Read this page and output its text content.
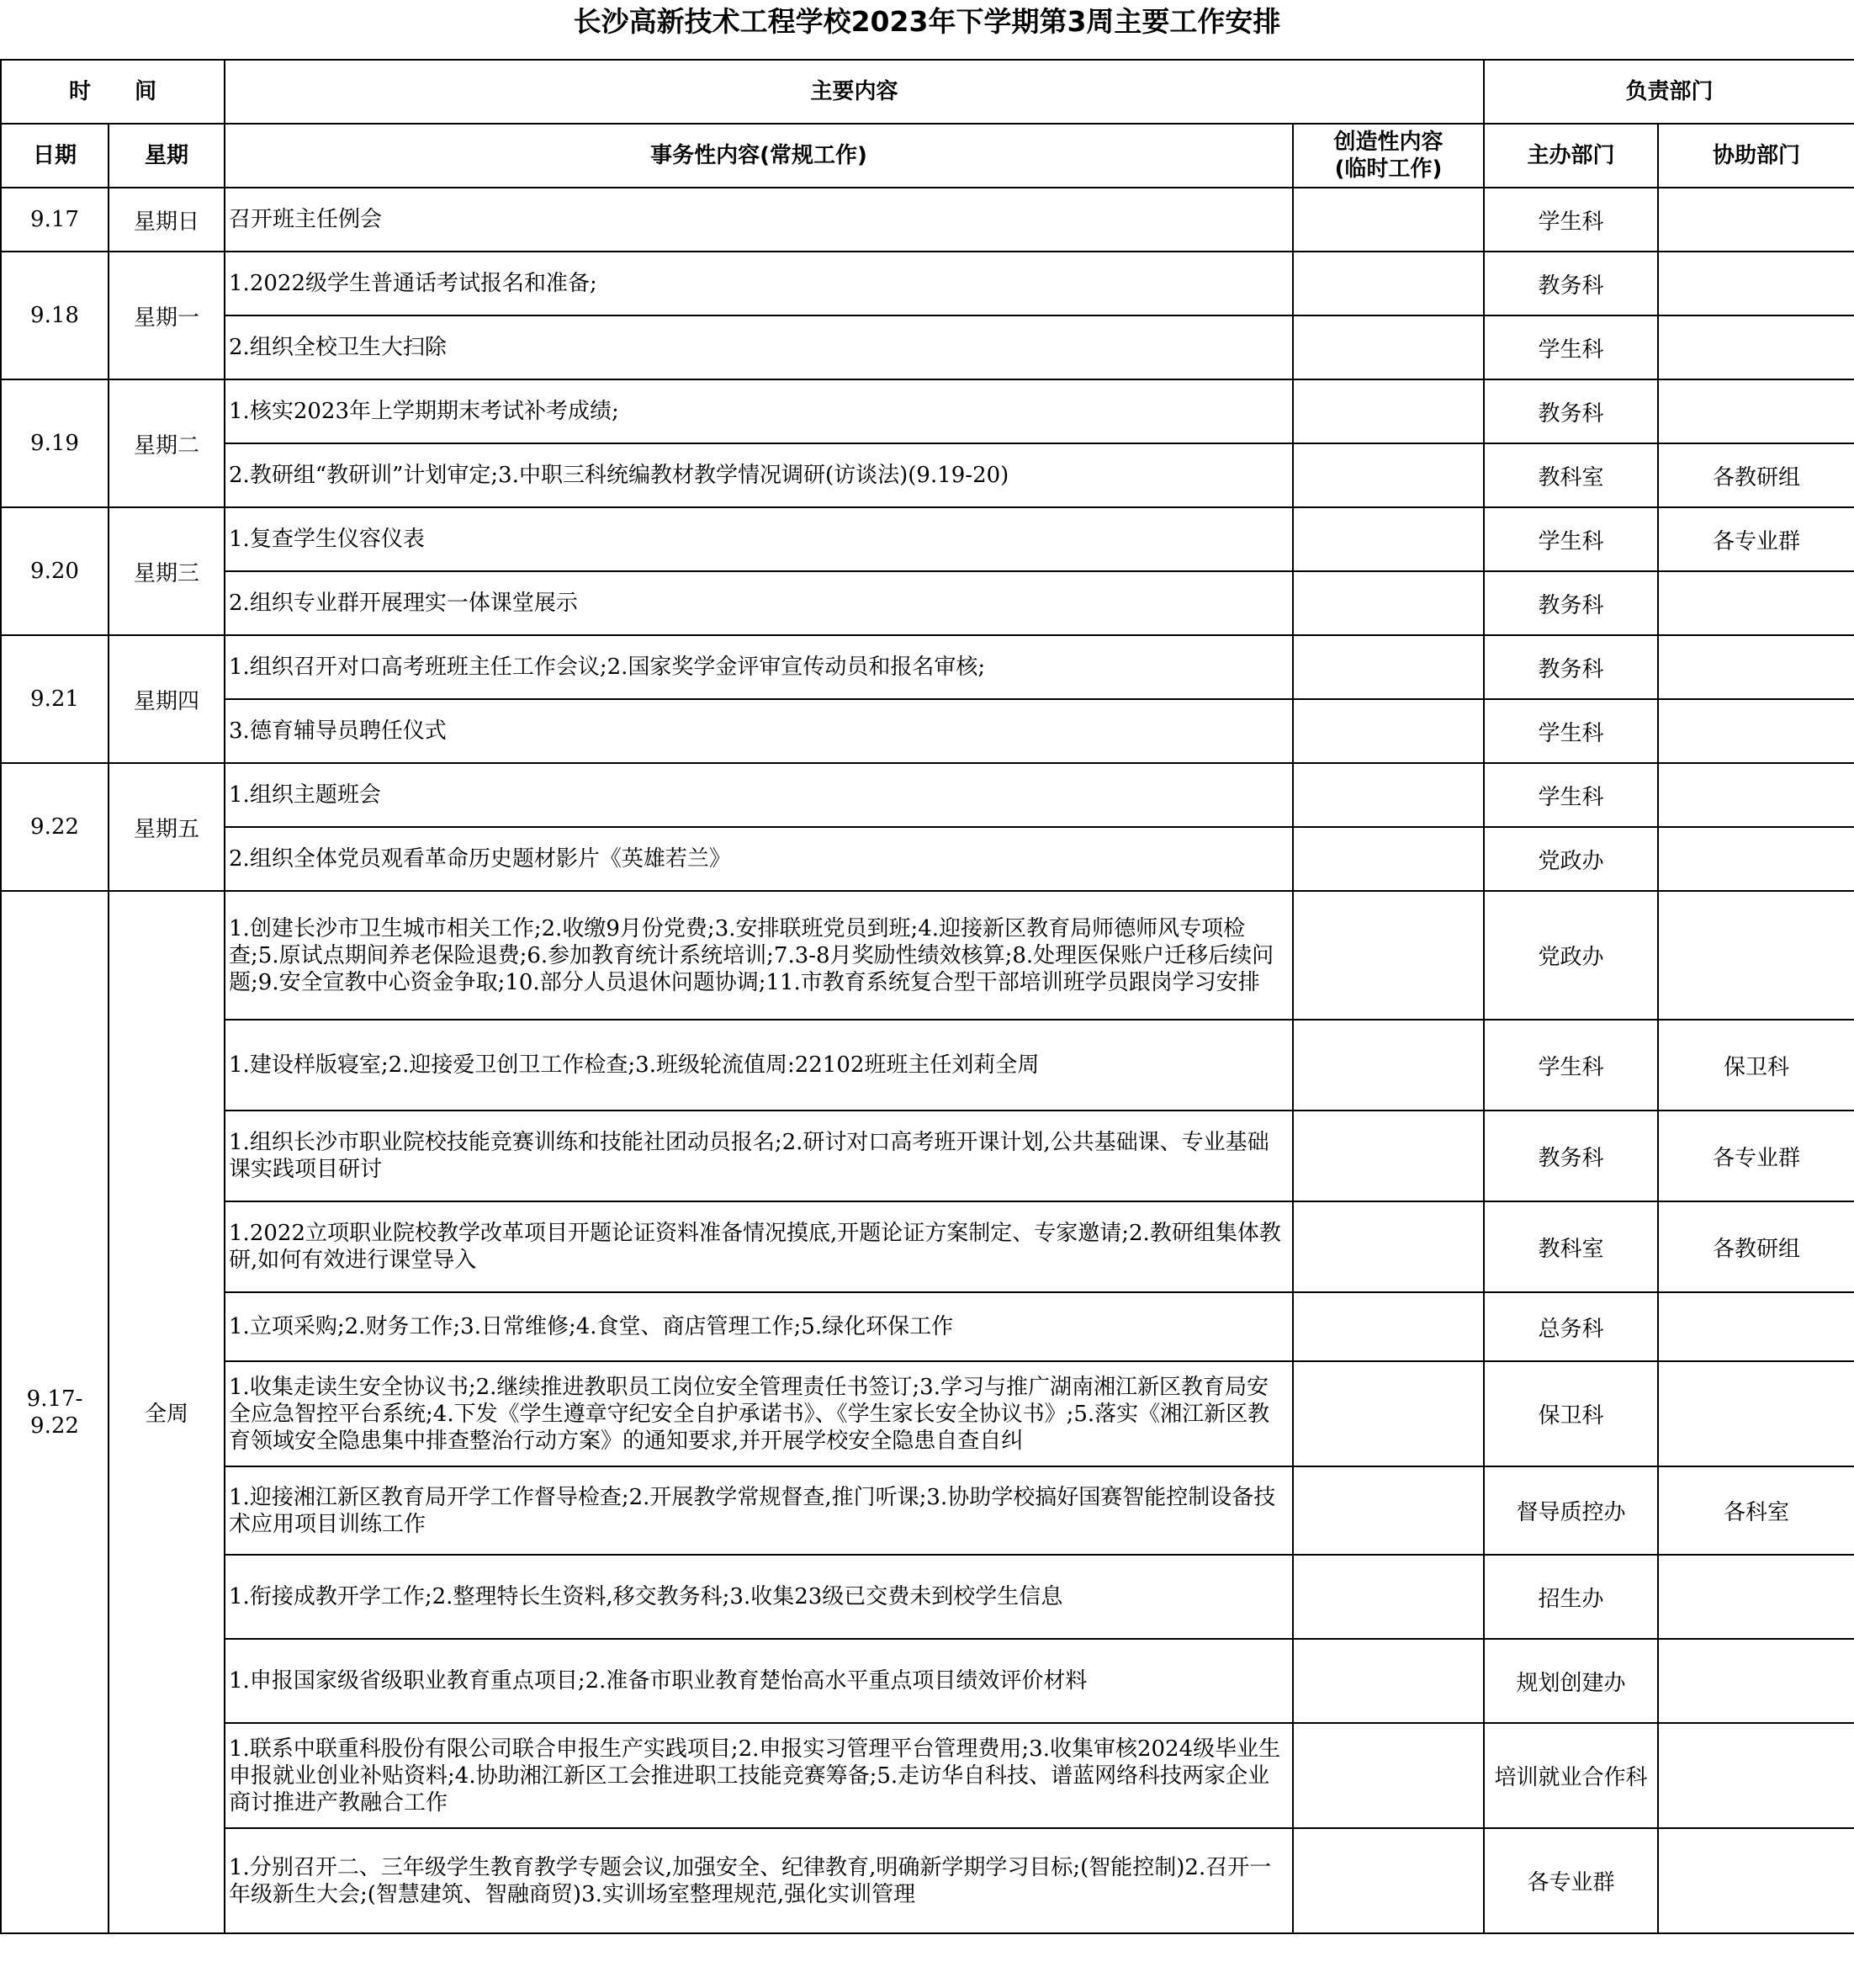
长沙高新技术工程学校2023年下学期第3周主要工作安排
时　　间		主要内容		负责部门	
日期	星期	事务性内容(常规工作)	创造性内容
(临时工作)	主办部门	协助部门
9.17	星期日	召开班主任例会		学生科	
9.18	星期一	1.2022级学生普通话考试报名和准备;		教务科	
		2.组织全校卫生大扫除		学生科	
9.19	星期二	1.核实2023年上学期期末考试补考成绩;		教务科	
		2.教研组“教研训”计划审定;3.中职三科统编教材教学情况调研(访谈法)(9.19-20)		教科室	各教研组
9.20	星期三	1.复查学生仪容仪表		学生科	各专业群
		2.组织专业群开展理实一体课堂展示		教务科	
9.21	星期四	1.组织召开对口高考班班主任工作会议;2.国家奖学金评审宣传动员和报名审核;		教务科	
		3.德育辅导员聘任仪式		学生科	
9.22	星期五	1.组织主题班会		学生科	
		2.组织全体党员观看革命历史题材影片《英雄若兰》		党政办	
9.17-
9.22	全周	1.创建长沙市卫生城市相关工作;2.收缴9月份党费;3.安排联班党员到班;4.迎接新区教育局师德师风专项检查;5.原试点期间养老保险退费;6.参加教育统计系统培训;7.3-8月奖励性绩效核算;8.处理医保账户迁移后续问题;9.安全宣教中心资金争取;10.部分人员退休问题协调;11.市教育系统复合型干部培训班学员跟岗学习安排		党政办	
		1.建设样版寝室;2.迎接爱卫创卫工作检查;3.班级轮流值周:22102班班主任刘莉全周		学生科	保卫科
		1.组织长沙市职业院校技能竞赛训练和技能社团动员报名;2.研讨对口高考班开课计划,公共基础课、专业基础课实践项目研讨		教务科	各专业群
		1.2022立项职业院校教学改革项目开题论证资料准备情况摸底,开题论证方案制定、专家邀请;2.教研组集体教研,如何有效进行课堂导入		教科室	各教研组
		1.立项采购;2.财务工作;3.日常维修;4.食堂、商店管理工作;5.绿化环保工作		总务科	
		1.收集走读生安全协议书;2.继续推进教职员工岗位安全管理责任书签订;3.学习与推广湖南湘江新区教育局安全应急智控平台系统;4.下发《学生遵章守纪安全自护承诺书》、《学生家长安全协议书》;5.落实《湘江新区教育领域安全隐患集中排查整治行动方案》的通知要求,并开展学校安全隐患自查自纠		保卫科	
		1.迎接湘江新区教育局开学工作督导检查;2.开展教学常规督查,推门听课;3.协助学校搞好国赛智能控制设备技术应用项目训练工作		督导质控办	各科室
		1.衔接成教开学工作;2.整理特长生资料,移交教务科;3.收集23级已交费未到校学生信息		招生办	
		1.申报国家级省级职业教育重点项目;2.准备市职业教育楚怡高水平重点项目绩效评价材料		规划创建办	
		1.联系中联重科股份有限公司联合申报生产实践项目;2.申报实习管理平台管理费用;3.收集审核2024级毕业生申报就业创业补贴资料;4.协助湘江新区工会推进职工技能竞赛筹备;5.走访华自科技、谱蓝网络科技两家企业商讨推进产教融合工作		培训就业合作科	
		1.分别召开二、三年级学生教育教学专题会议,加强安全、纪律教育,明确新学期学习目标;(智能控制)2.召开一年级新生大会;(智慧建筑、智融商贸)3.实训场室整理规范,强化实训管理		各专业群	
